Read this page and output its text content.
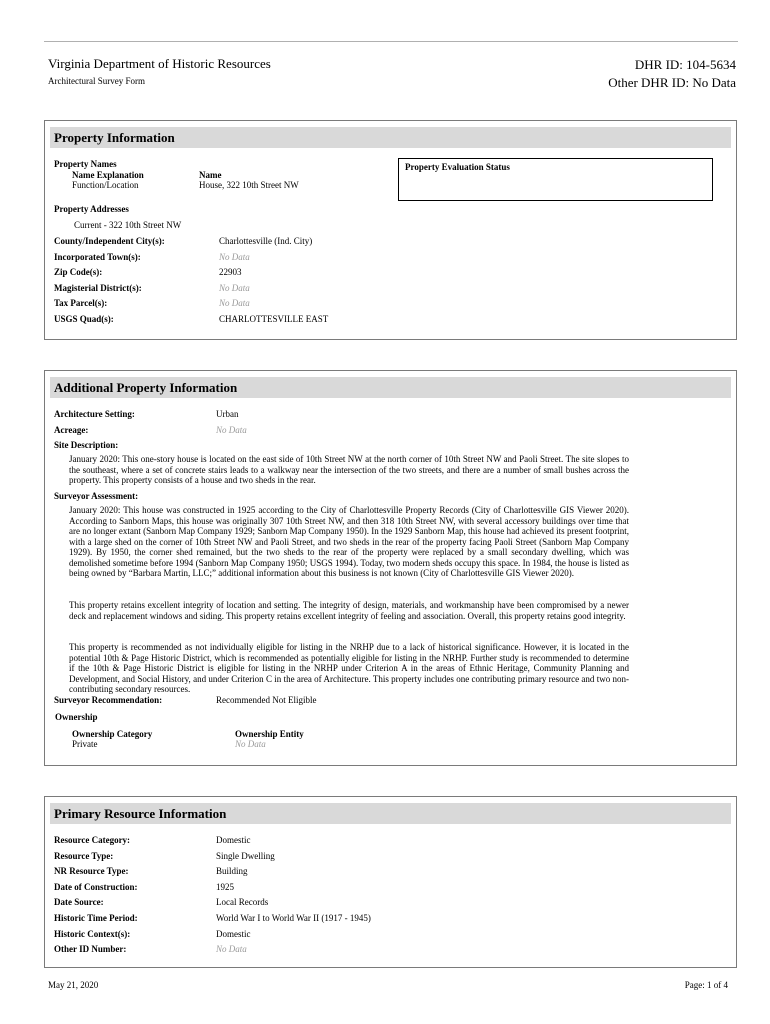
Virginia Department of Historic Resources
Architectural Survey Form
DHR ID: 104-5634
Other DHR ID: No Data
Property Information
Property Names
Name Explanation	Name
Function/Location	House, 322 10th Street NW
Property Evaluation Status
Property Addresses
Current - 322 10th Street NW
County/Independent City(s):	Charlottesville (Ind. City)
Incorporated Town(s):	No Data
Zip Code(s):	22903
Magisterial District(s):	No Data
Tax Parcel(s):	No Data
USGS Quad(s):	CHARLOTTESVILLE EAST
Additional Property Information
Architecture Setting:	Urban
Acreage:	No Data
Site Description:
January 2020: This one-story house is located on the east side of 10th Street NW at the north corner of 10th Street NW and Paoli Street. The site slopes to the southeast, where a set of concrete stairs leads to a walkway near the intersection of the two streets, and there are a number of small bushes across the property. This property consists of a house and two sheds in the rear.
Surveyor Assessment:
January 2020: This house was constructed in 1925 according to the City of Charlottesville Property Records (City of Charlottesville GIS Viewer 2020). According to Sanborn Maps, this house was originally 307 10th Street NW, and then 318 10th Street NW, with several accessory buildings over time that are no longer extant (Sanborn Map Company 1929; Sanborn Map Company 1950). In the 1929 Sanborn Map, this house had achieved its present footprint, with a large shed on the corner of 10th Street NW and Paoli Street, and two sheds in the rear of the property facing Paoli Street (Sanborn Map Company 1929). By 1950, the corner shed remained, but the two sheds to the rear of the property were replaced by a small secondary dwelling, which was demolished sometime before 1994 (Sanborn Map Company 1950; USGS 1994). Today, two modern sheds occupy this space. In 1984, the house is listed as being owned by “Barbara Martin, LLC;” additional information about this business is not known (City of Charlottesville GIS Viewer 2020).
This property retains excellent integrity of location and setting. The integrity of design, materials, and workmanship have been compromised by a newer deck and replacement windows and siding. This property retains excellent integrity of feeling and association. Overall, this property retains good integrity.
This property is recommended as not individually eligible for listing in the NRHP due to a lack of historical significance. However, it is located in the potential 10th & Page Historic District, which is recommended as potentially eligible for listing in the NRHP. Further study is recommended to determine if the 10th & Page Historic District is eligible for listing in the NRHP under Criterion A in the areas of Ethnic Heritage, Community Planning and Development, and Social History, and under Criterion C in the area of Architecture. This property includes one contributing primary resource and two non-contributing secondary resources.
Surveyor Recommendation:	Recommended Not Eligible
Ownership
Ownership Category	Ownership Entity
Private	No Data
Primary Resource Information
Resource Category:	Domestic
Resource Type:	Single Dwelling
NR Resource Type:	Building
Date of Construction:	1925
Date Source:	Local Records
Historic Time Period:	World War I to World War II (1917 - 1945)
Historic Context(s):	Domestic
Other ID Number:	No Data
May 21, 2020	Page: 1 of 4
